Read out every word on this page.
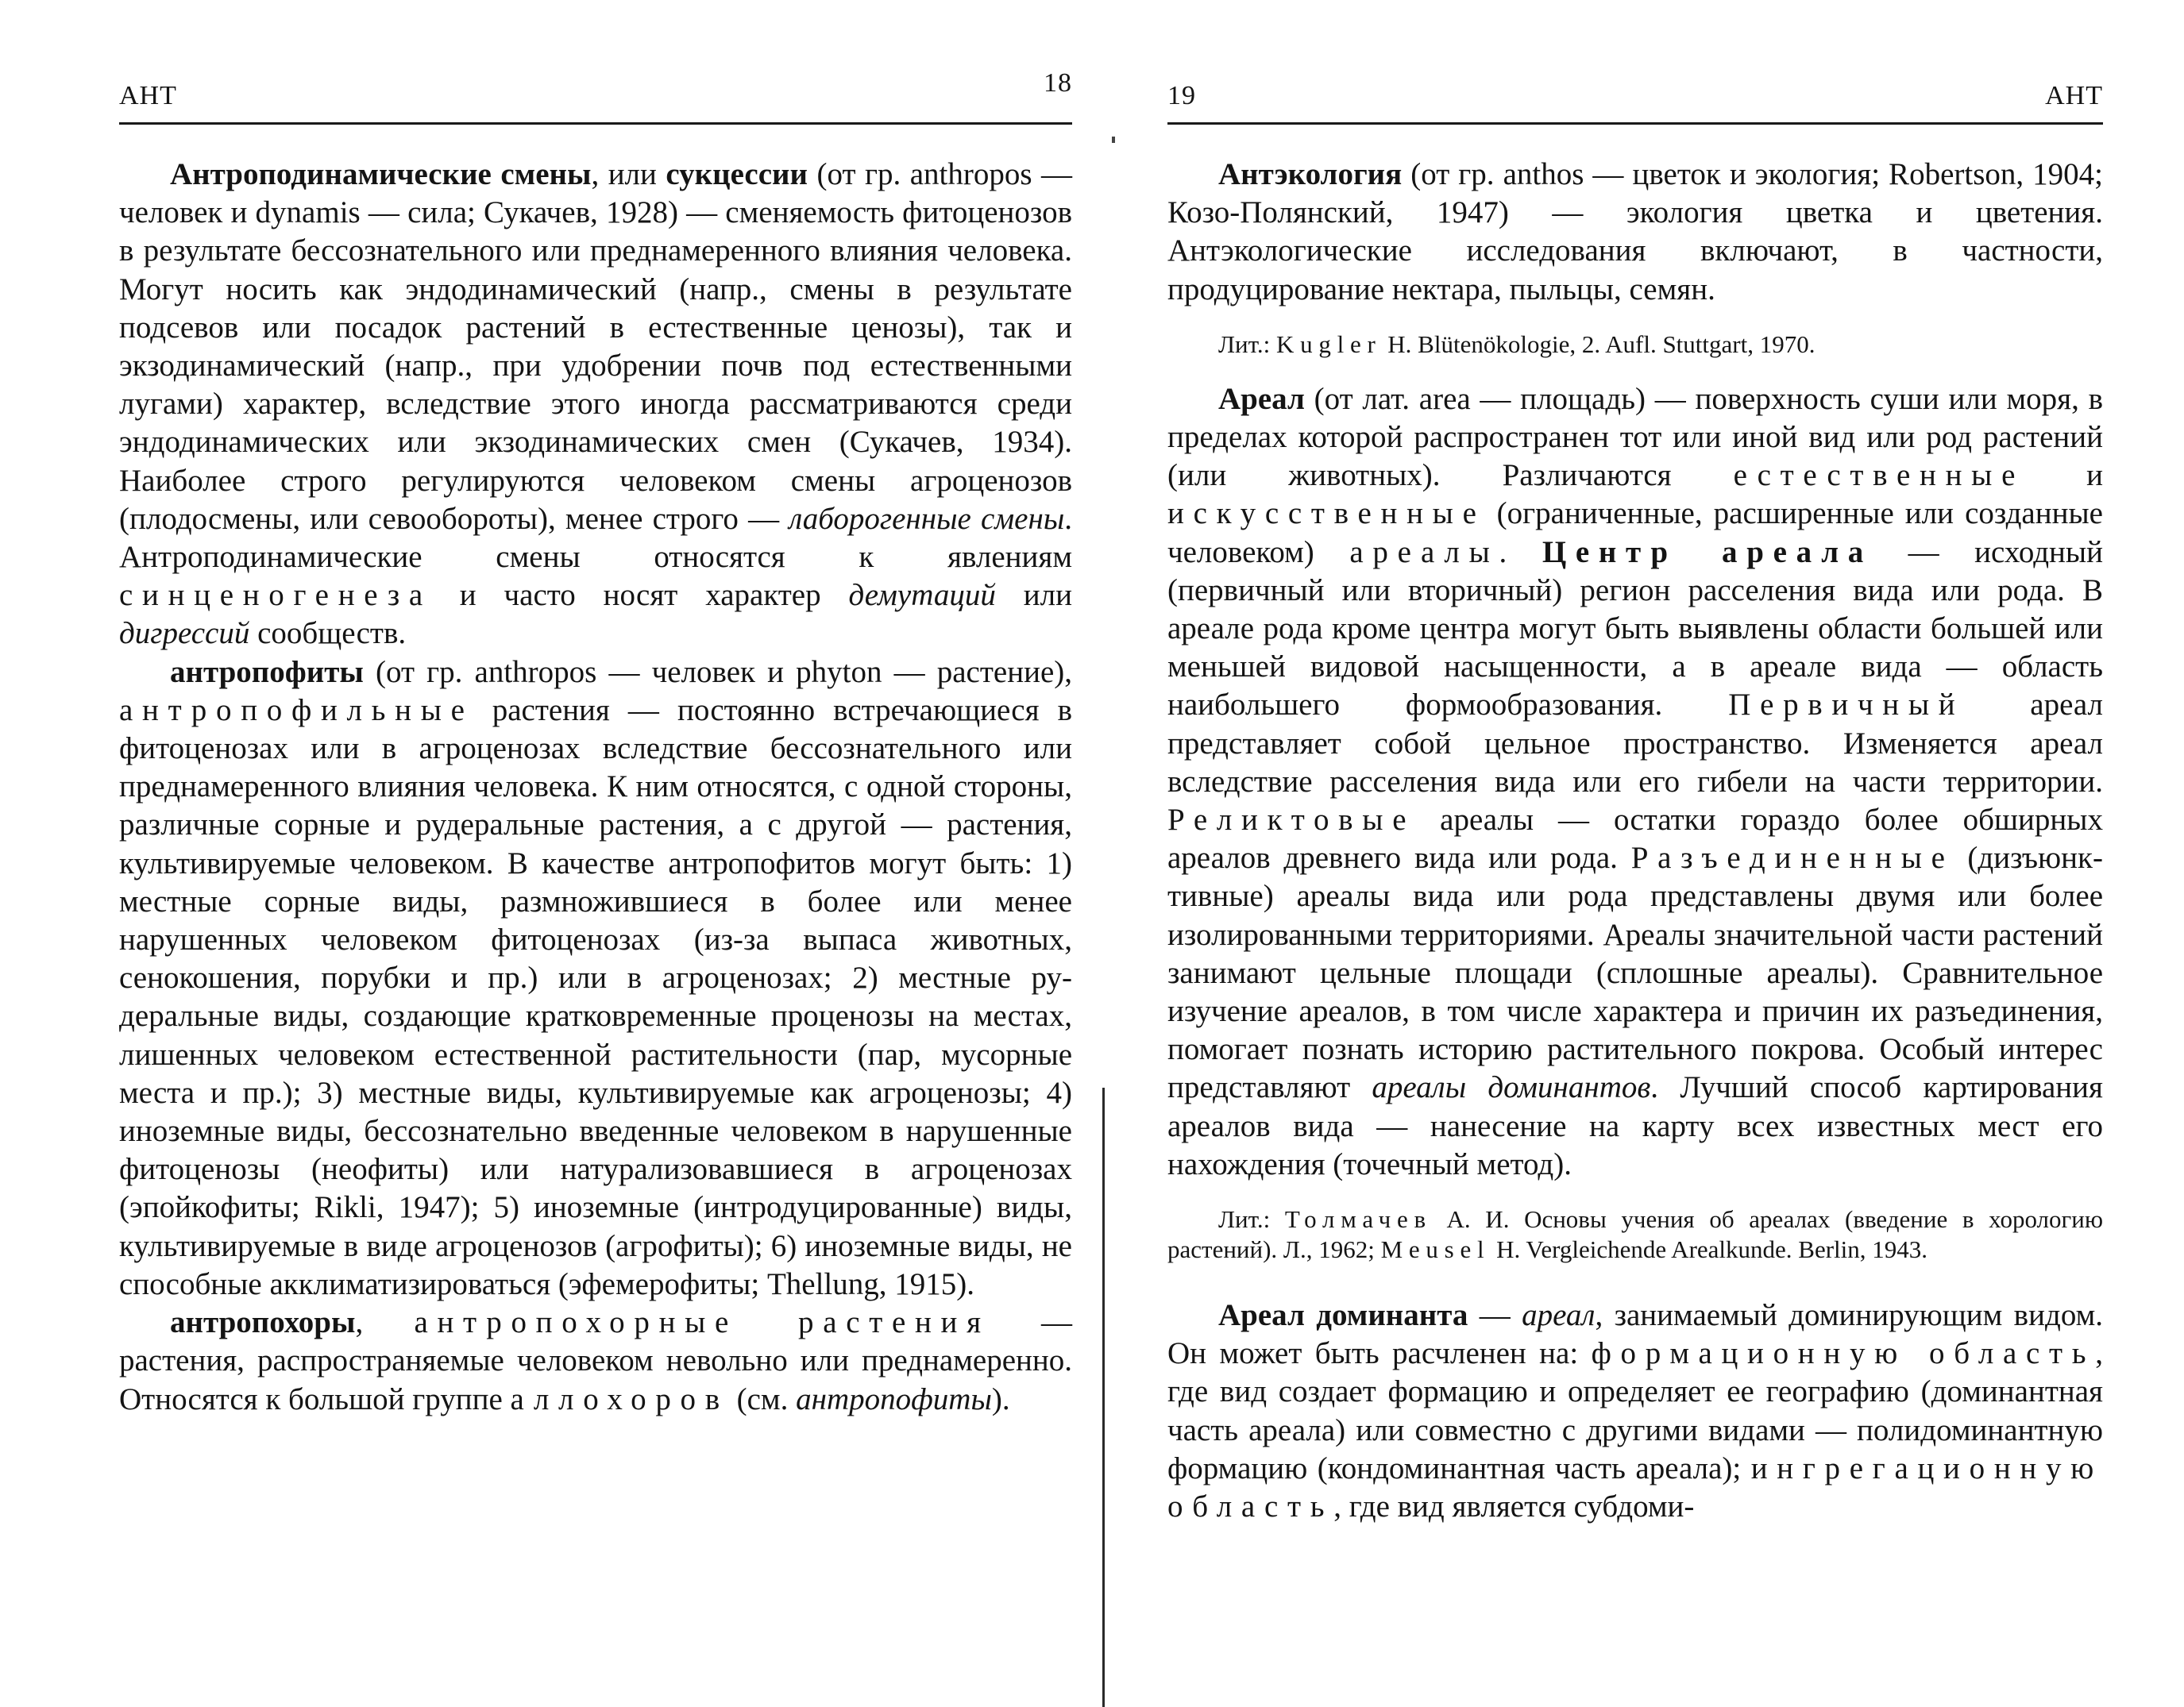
АНТ	18

Антроподинамические смены, или сукцессии (от гр. anthropos — человек и dynamis — сила; Сукачев, 1928) — сменяемость фитоценозов в результате бессознательного или преднамеренного влияния человека. Могут носить как эндодинамический (напр., смены в результате подсевов или посадок растений в естественные ценозы), так и экзодинамический (напр., при удобрении почв под естественными лугами) характер, вследствие этого иногда рассматриваются среди эндодинамических или экзодинамических смен (Сукачев, 1934). Наиболее строго регулируются человеком смены агроценозов (плодосмены, или севообороты), менее строго — лаборогенные смены. Антроподинамические смены относятся к явлениям синценогенеза и часто носят характер демутаций или дигрессий сообществ.

антропофиты (от гр. anthropos — человек и phyton — растение), антропофильные растения — постоянно встречающиеся в фитоценозах или в агроценозах вследствие бессознательного или преднамеренного влияния человека. К ним относятся, с одной стороны, различные сорные и рудеральные растения, а с другой — растения, культивируемые человеком. В качестве антропофитов могут быть: 1) местные сорные виды, размножившиеся в более или менее нарушенных человеком фитоценозах (из-за выпаса животных, сенокошения, порубки и пр.) или в агроценозах; 2) местные рудеральные виды, создающие кратковременные проценозы на местах, лишенных человеком естественной растительности (пар, мусорные места и пр.); 3) местные виды, культивируемые как агроценозы; 4) иноземные виды, бессознательно введенные человеком в нарушенные фитоценозы (неофиты) или натурализовавшиеся в агроценозах (эпойкофиты; Rikli, 1947); 5) иноземные (интродуцированные) виды, культивируемые в виде агроценозов (агрофиты); 6) иноземные виды, не способные акклиматизироваться (эфемерофиты; Thellung, 1915).

антропохоры, антропохорные растения — растения, распространяемые человеком невольно или преднамеренно. Относятся к большой группе аллохоров (см. антропофиты).

19	АНТ

Антэкология (от гр. anthos — цветок и экология; Robertson, 1904; Козо-Полянский, 1947) — экология цветка и цветения. Антэкологические исследования включают, в частности, продуцирование нектара, пыльцы, семян.

Лит.: Kugler H. Blütenökologie, 2. Aufl. Stuttgart, 1970.

Ареал (от лат. area — площадь) — поверхность суши или моря, в пределах которой распространен тот или иной вид или род растений (или животных). Различаются естественные и искусственные (ограниченные, расширенные или созданные человеком) ареалы. Центр ареала — исходный (первичный или вторичный) регион расселения вида или рода. В ареале рода кроме центра могут быть выявлены области большей или меньшей видовой насыщенности, а в ареале вида — область наибольшего формообразования. Первичный ареал представляет собой цельное пространство. Изменяется ареал вследствие расселения вида или его гибели на части территории. Реликтовые ареалы — остатки гораздо более обширных ареалов древнего вида или рода. Разъединенные (дизъюнктивные) ареалы вида или рода представлены двумя или более изолированными территориями. Ареалы значительной части растений занимают цельные площади (сплошные ареалы). Сравнительное изучение ареалов, в том числе характера и причин их разъединения, помогает познать историю растительного покрова. Особый интерес представляют ареалы доминантов. Лучший способ картирования ареалов вида — нанесение на карту всех известных мест его нахождения (точечный метод).

Лит.: Толмачев А. И. Основы учения об ареалах (введение в хорологию растений). Л., 1962; Meusel H. Vergleichende Arealkunde. Berlin, 1943.

Ареал доминанта — ареал, занимаемый доминирующим видом. Он может быть расчленен на: формационную область, где вид создает формацию и определяет ее географию (доминантная часть ареала) или совместно с другими видами — полидоминантную формацию (кондоминантная часть ареала); ингрегационную область, где вид является субдоми-
